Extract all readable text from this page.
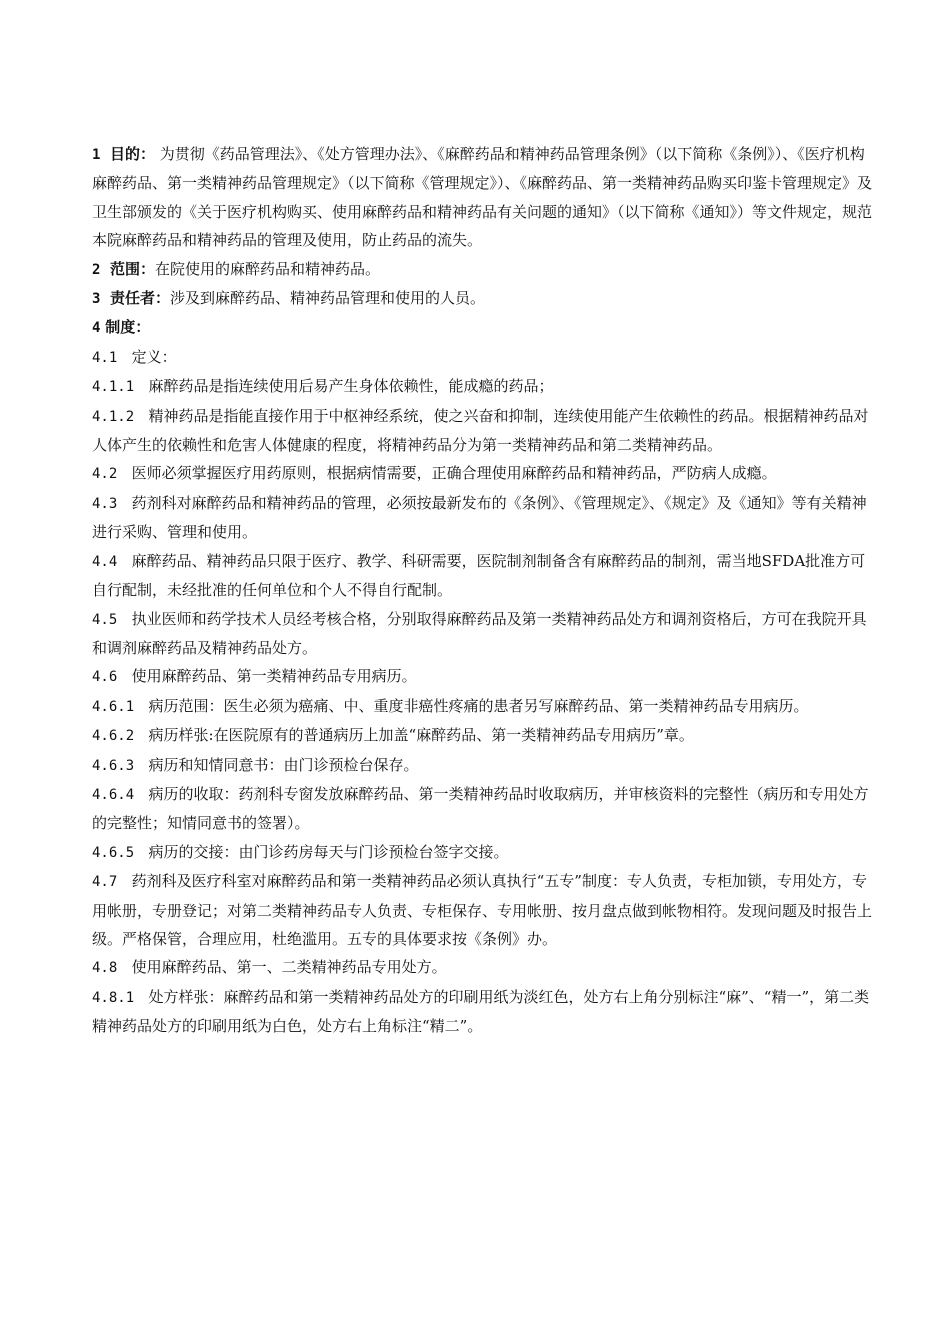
1 目的： 为贯彻《药品管理法》、《处方管理办法》、《麻醉药品和精神药品管理条例》（以下简称《条例》）、《医疗机构麻醉药品、第一类精神药品管理规定》（以下简称《管理规定》）、《麻醉药品、第一类精神药品购买印鉴卡管理规定》及卫生部颁发的《关于医疗机构购买、使用麻醉药品和精神药品有关问题的通知》（以下简称《通知》）等文件规定，规范本院麻醉药品和精神药品的管理及使用，防止药品的流失。

2 范围：在院使用的麻醉药品和精神药品。

3 责任者：涉及到麻醉药品、精神药品管理和使用的人员。

4 制度：

4.1 定义：

4.1.1 麻醉药品是指连续使用后易产生身体依赖性，能成瘾的药品；

4.1.2 精神药品是指能直接作用于中枢神经系统，使之兴奋和抑制，连续使用能产生依赖性的药品。根据精神药品对人体产生的依赖性和危害人体健康的程度，将精神药品分为第一类精神药品和第二类精神药品。

4.2 医师必须掌握医疗用药原则，根据病情需要，正确合理使用麻醉药品和精神药品，严防病人成瘾。

4.3 药剂科对麻醉药品和精神药品的管理，必须按最新发布的《条例》、《管理规定》、《规定》及《通知》等有关精神进行采购、管理和使用。

4.4 麻醉药品、精神药品只限于医疗、教学、科研需要，医院制剂制备含有麻醉药品的制剂，需当地SFDA批准方可自行配制，未经批准的任何单位和个人不得自行配制。

4.5 执业医师和药学技术人员经考核合格，分别取得麻醉药品及第一类精神药品处方和调剂资格后，方可在我院开具和调剂麻醉药品及精神药品处方。

4.6 使用麻醉药品、第一类精神药品专用病历。

4.6.1 病历范围：医生必须为癌痛、中、重度非癌性疼痛的患者另写麻醉药品、第一类精神药品专用病历。

4.6.2 病历样张:在医院原有的普通病历上加盖“麻醉药品、第一类精神药品专用病历”章。

4.6.3 病历和知情同意书：由门诊预检台保存。

4.6.4 病历的收取：药剂科专窗发放麻醉药品、第一类精神药品时收取病历，并审核资料的完整性（病历和专用处方的完整性；知情同意书的签署）。

4.6.5 病历的交接：由门诊药房每天与门诊预检台签字交接。

4.7 药剂科及医疗科室对麻醉药品和第一类精神药品必须认真执行“五专”制度：专人负责，专柜加锁，专用处方，专用帐册，专册登记；对第二类精神药品专人负责、专柜保存、专用帐册、按月盘点做到帐物相符。发现问题及时报告上级。严格保管，合理应用，杜绝滥用。五专的具体要求按《条例》办。

4.8 使用麻醉药品、第一、二类精神药品专用处方。

4.8.1 处方样张：麻醉药品和第一类精神药品处方的印刷用纸为淡红色，处方右上角分别标注“麻”、“精一”，第二类精神药品处方的印刷用纸为白色，处方右上角标注“精二”。
